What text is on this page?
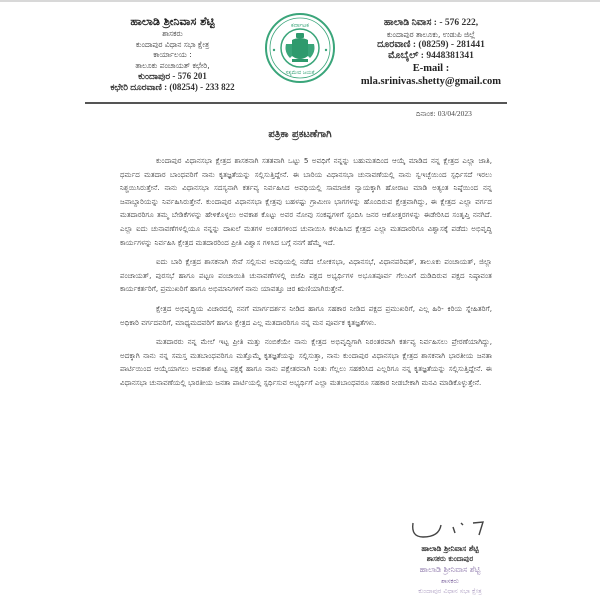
ಹಾಲಾಡಿ ಶ್ರೀನಿವಾಸ ಶೆಟ್ಟಿ
ಶಾಸಕರು
ಕುಂದಾಪುರ ವಿಧಾನ ಸಭಾ ಕ್ಷೇತ್ರ
ಕಾರ್ಯಾಲಯ :
ತಾಲೂಕು ಪಂಚಾಯತ್ ಕಛೇರಿ,
ಕುಂದಾಪುರ - 576 201
ಕಛೇರಿ ದೂರವಾಣಿ : (08254) - 233 822
ಕರ್ನಾಟಕ
ಸತ್ಯಮೇವ ಜಯತೆ
ಹಾಲಾಡಿ ನಿವಾಸ : - 576 222,
ಕುಂದಾಪುರ ತಾಲೂಕು, ಉಡುಪಿ ಜಿಲ್ಲೆ
ದೂರವಾಣಿ : (08259) - 281441
ಮೊಬೈಲ್ : 9448381341
E-mail :
mla.srinivas.shetty@gmail.com
ದಿನಾಂಕ: 03/04/2023
ಪತ್ರಿಕಾ ಪ್ರಕಟಣೆಗಾಗಿ

ಕುಂದಾಪುರ ವಿಧಾನಸಭಾ ಕ್ಷೇತ್ರದ ಶಾಸಕನಾಗಿ ಸತತವಾಗಿ ಒಟ್ಟು 5 ಅವಧಿಗೆ ನನ್ನನ್ನು ಬಹುಮತದಿಂದ ಆಯ್ಕೆ ಮಾಡಿದ ನನ್ನ ಕ್ಷೇತ್ರದ ಎಲ್ಲಾ ಜಾತಿ, ಧರ್ಮದ ಮತದಾರ ಬಾಂಧವರಿಗೆ ನಾನು ಕೃತಜ್ಞತೆಯನ್ನು ಸಲ್ಲಿಸುತ್ತಿದ್ದೇನೆ. ಈ ಬಾರಿಯ ವಿಧಾನಸಭಾ ಚುನಾವಣೆಯಲ್ಲಿ ನಾನು ಸ್ವಇಚ್ಛೆಯಿಂದ ಸ್ಪರ್ಧಿಸದೆ ಇರಲು ನಿಶ್ಚಯಿಸಿರುತ್ತೇನೆ. ನಾನು ವಿಧಾನಸಭಾ ಸದಸ್ಯನಾಗಿ ಕರ್ತವ್ಯ ನಿರ್ವಹಿಸಿದ ಅವಧಿಯಲ್ಲಿ ಸಾಮಾಜಿಕ ನ್ಯಾಯಕ್ಕಾಗಿ ಹೋರಾಟ ಮಾಡಿ ಅತ್ಯಂತ ನಿಷ್ಠೆಯಿಂದ ನನ್ನ ಜವಾಬ್ದಾರಿಯನ್ನು ನಿರ್ವಹಿಸಿರುತ್ತೇನೆ. ಕುಂದಾಪುರ ವಿಧಾನಸಭಾ ಕ್ಷೇತ್ರವು ಬಹಳಷ್ಟು ಗ್ರಾಮೀಣ ಭಾಗಗಳನ್ನು ಹೊಂದಿರುವ ಕ್ಷೇತ್ರವಾಗಿದ್ದು, ಈ ಕ್ಷೇತ್ರದ ಎಲ್ಲಾ ವರ್ಗದ ಮತದಾರರಿಗೂ ತಮ್ಮ ಬೇಡಿಕೆಗಳನ್ನು ಹೇಳಿಕೊಳ್ಳಲು ಅವಕಾಶ ಕೊಟ್ಟು ಅವರ ನೋವು ಸಂಕಷ್ಟಗಳಿಗೆ ಸ್ಪಂದಿಸಿ ಜನರ ಆಶೋತ್ತರಗಳನ್ನು ಈಡೇರಿಸಿದ ಸಂತೃಪ್ತಿ ನನಗಿದೆ. ಎಲ್ಲಾ ಐದು ಚುನಾವಣೆಗಳಲ್ಲಿಯೂ ನನ್ನನ್ನು ದಾಖಲೆ ಮತಗಳ ಅಂತರಗಳಿಂದ ಚುನಾಯಿಸಿ ಕಳುಹಿಸಿದ ಕ್ಷೇತ್ರದ ಎಲ್ಲಾ ಮತದಾರರಿಗೂ ವಿಶ್ವಾಸಕ್ಕೆ ಪಡೆದು ಅಭಿವೃದ್ಧಿ ಕಾರ್ಯಗಳನ್ನು ನಿರ್ವಹಿಸಿ ಕ್ಷೇತ್ರದ ಮತದಾರರಿಂದ ಪ್ರೀತಿ ವಿಶ್ವಾಸ ಗಳಿಸಿದ ಬಗ್ಗೆ ನನಗೆ ಹೆಮ್ಮೆ ಇದೆ.

ಐದು ಬಾರಿ ಕ್ಷೇತ್ರದ ಶಾಸಕನಾಗಿ ಸೇವೆ ಸಲ್ಲಿಸುವ ಅವಧಿಯಲ್ಲಿ ನಡೆದ ಲೋಕಸಭಾ, ವಿಧಾನಸಭೆ, ವಿಧಾನಪರಿಷತ್, ತಾಲೂಕು ಪಂಚಾಯತ್, ಜಿಲ್ಲಾ ಪಂಚಾಯತ್, ಪುರಸಭೆ ಹಾಗೂ ಪಟ್ಟಣ ಪಂಚಾಯಿತಿ ಚುನಾವಣೆಗಳಲ್ಲಿ ಬಿಜೆಪಿ ಪಕ್ಷದ ಅಭ್ಯರ್ಥಿಗಳ ಅಭೂತಪೂರ್ವ ಗೆಲುವಿಗೆ ದುಡಿದಿರುವ ಪಕ್ಷದ ನಿಷ್ಠಾವಂತ ಕಾರ್ಯಕರ್ತರಿಗೆ, ಪ್ರಮುಖರಿಗೆ ಹಾಗೂ ಅಭಿಮಾನಿಗಳಿಗೆ ನಾನು ಯಾವತ್ತೂ ಚಿರ ಋಣಿಯಾಗಿರುತ್ತೇನೆ.

ಕ್ಷೇತ್ರದ ಅಭಿವೃದ್ಧಿಯ ವಿಚಾರದಲ್ಲಿ ನನಗೆ ಮಾರ್ಗದರ್ಶನ ನೀಡಿದ ಹಾಗೂ ಸಹಕಾರ ನೀಡಿದ ಪಕ್ಷದ ಪ್ರಮುಖರಿಗೆ, ಎಲ್ಲ ಹಿರಿ- ಕಿರಿಯ ಸ್ನೇಹಿತರಿಗೆ, ಅಧಿಕಾರಿ ವರ್ಗದವರಿಗೆ, ಮಾಧ್ಯಮದವರಿಗೆ ಹಾಗೂ ಕ್ಷೇತ್ರದ ಎಲ್ಲ ಮತದಾರರಿಗೂ ನನ್ನ ಮನ ಪೂರ್ವಕ ಕೃತಜ್ಞತೆಗಳು.

ಮತದಾರರು ನನ್ನ ಮೇಲೆ ಇಟ್ಟ ಪ್ರೀತಿ ಮತ್ತು ನಂಬಿಕೆಯೇ ನಾನು ಕ್ಷೇತ್ರದ ಅಭಿವೃದ್ಧಿಗಾಗಿ ನಿರಂತರವಾಗಿ ಕರ್ತವ್ಯ ನಿರ್ವಹಿಸಲು ಪ್ರೇರಣೆಯಾಗಿದ್ದು, ಅದಕ್ಕಾಗಿ ನಾನು ನನ್ನ ಸಮಸ್ತ ಮತಬಾಂಧವರಿಗೂ ಮತ್ತೊಮ್ಮೆ ಕೃತಜ್ಞತೆಯನ್ನು ಸಲ್ಲಿಸುತ್ತಾ, ನಾನು ಕುಂದಾಪುರ ವಿಧಾನಸಭಾ ಕ್ಷೇತ್ರದ ಶಾಸಕನಾಗಿ ಭಾರತೀಯ ಜನತಾ ಪಾರ್ಟಿಯಿಂದ ಆಯ್ಕೆಯಾಗಲು ಅವಕಾಶ ಕೊಟ್ಟ ಪಕ್ಷಕ್ಕೆ ಹಾಗೂ ನಾನು ಪಕ್ಷೇತರನಾಗಿ ನಿಂತು ಗೆಲ್ಲಲು ಸಹಕರಿಸಿದ ಎಲ್ಲರಿಗೂ ನನ್ನ ಕೃತಜ್ಞತೆಯನ್ನು ಸಲ್ಲಿಸುತ್ತಿದ್ದೇನೆ. ಈ ವಿಧಾನಸಭಾ ಚುನಾವಣೆಯಲ್ಲಿ ಭಾರತೀಯ ಜನತಾ ಪಾರ್ಟಿಯಲ್ಲಿ ಸ್ಪರ್ಧಿಸುವ ಅಭ್ಯರ್ಥಿಗೆ ಎಲ್ಲಾ ಮತಬಾಂಧವರೂ ಸಹಕಾರ ನೀಡಬೇಕಾಗಿ ಮನವಿ ಮಾಡಿಕೊಳ್ಳುತ್ತೇನೆ.

ಹಾಲಾಡಿ ಶ್ರೀನಿವಾಸ ಶೆಟ್ಟಿ
ಶಾಸಕರು ಕುಂದಾಪುರ
ಹಾಲಾಡಿ ಶ್ರೀನಿವಾಸ ಶೆಟ್ಟಿ
ಶಾಸಕರು
ಕುಂದಾಪುರ ವಿಧಾನ ಸಭಾ ಕ್ಷೇತ್ರ
